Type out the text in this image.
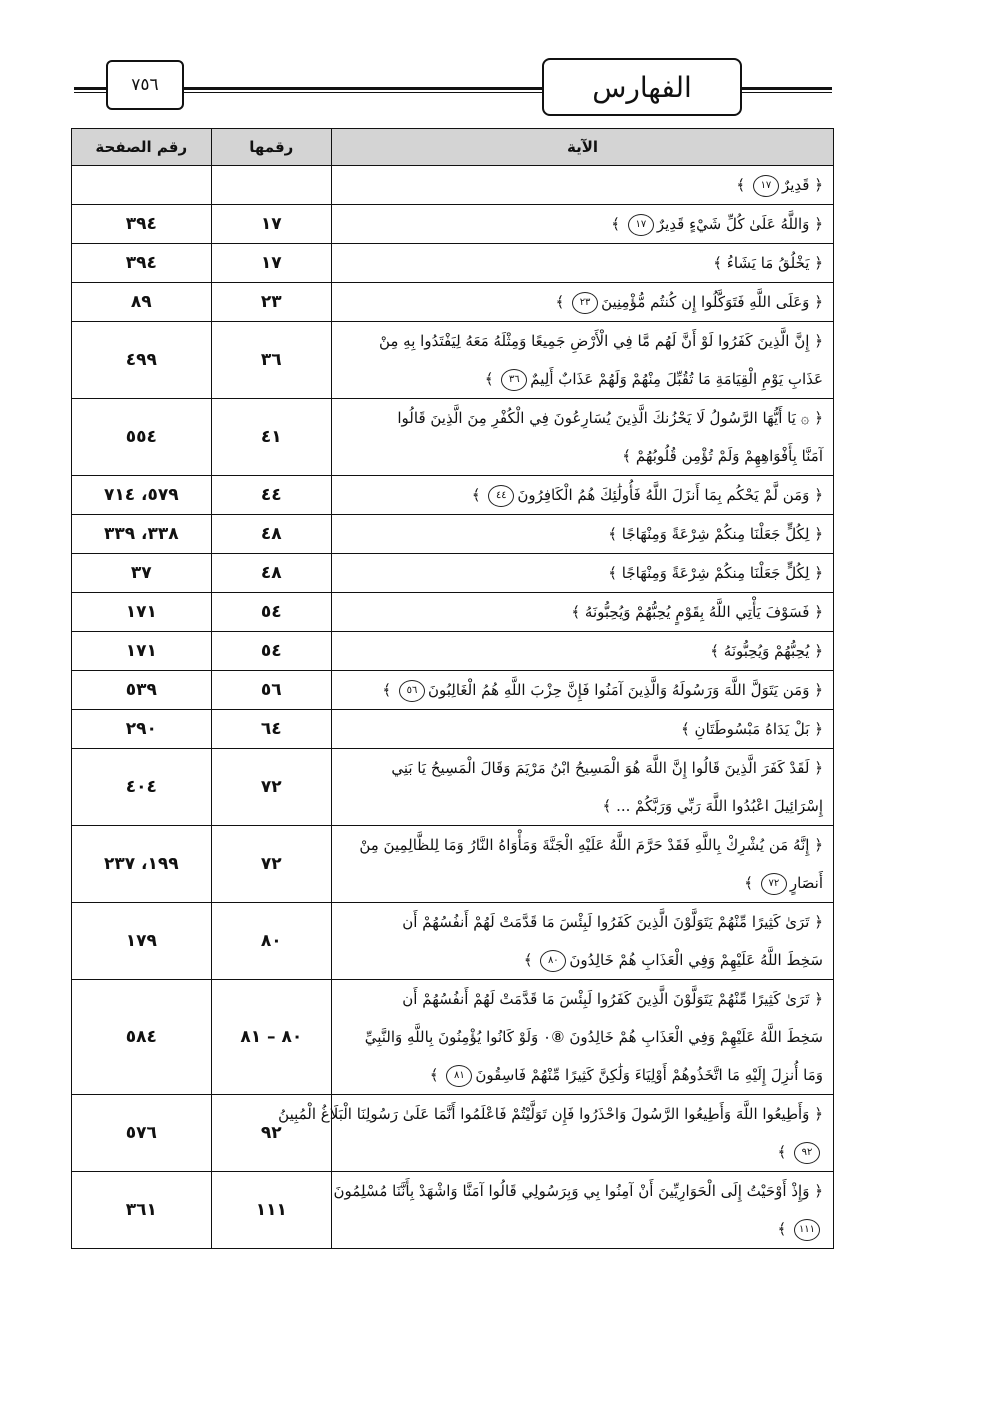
٧٥٦	الفهارس
الآية	رقمها	رقم الصفحة

﴿ قَدِيرٌ١٧ ﴾		

﴿ وَاللَّهُ عَلَىٰ كُلِّ شَيْءٍ قَدِيرٌ١٧ ﴾	١٧	٣٩٤

﴿ يَخْلُقُ مَا يَشَاءُ ﴾	١٧	٣٩٤

﴿ وَعَلَى اللَّهِ فَتَوَكَّلُوا إِن كُنتُم مُّؤْمِنِينَ٢٣ ﴾	٢٣	٨٩

﴿ إِنَّ الَّذِينَ كَفَرُوا لَوْ أَنَّ لَهُم مَّا فِي الْأَرْضِ جَمِيعًا وَمِثْلَهُ مَعَهُ لِيَفْتَدُوا بِهِ مِنْ
عَذَابِ يَوْمِ الْقِيَامَةِ مَا تُقُبِّلَ مِنْهُمْ وَلَهُمْ عَذَابٌ أَلِيمٌ٣٦ ﴾	٣٦	٤٩٩

﴿ ۞ يَا أَيُّهَا الرَّسُولُ لَا يَحْزُنكَ الَّذِينَ يُسَارِعُونَ فِي الْكُفْرِ مِنَ الَّذِينَ قَالُوا
آمَنَّا بِأَفْوَاهِهِمْ وَلَمْ تُؤْمِن قُلُوبُهُمْ ﴾	٤١	٥٥٤

﴿ وَمَن لَّمْ يَحْكُم بِمَا أَنزَلَ اللَّهُ فَأُولَٰئِكَ هُمُ الْكَافِرُونَ٤٤ ﴾	٤٤	٥٧٩، ٧١٤

﴿ لِكُلٍّ جَعَلْنَا مِنكُمْ شِرْعَةً وَمِنْهَاجًا ﴾	٤٨	٣٣٨، ٣٣٩

﴿ لِكُلٍّ جَعَلْنَا مِنكُمْ شِرْعَةً وَمِنْهَاجًا ﴾	٤٨	٣٧

﴿ فَسَوْفَ يَأْتِي اللَّهُ بِقَوْمٍ يُحِبُّهُمْ وَيُحِبُّونَهُ ﴾	٥٤	١٧١

﴿ يُحِبُّهُمْ وَيُحِبُّونَهُ ﴾	٥٤	١٧١

﴿ وَمَن يَتَوَلَّ اللَّهَ وَرَسُولَهُ وَالَّذِينَ آمَنُوا فَإِنَّ حِزْبَ اللَّهِ هُمُ الْغَالِبُونَ٥٦ ﴾	٥٦	٥٣٩

﴿ بَلْ يَدَاهُ مَبْسُوطَتَانِ ﴾	٦٤	٢٩٠

﴿ لَقَدْ كَفَرَ الَّذِينَ قَالُوا إِنَّ اللَّهَ هُوَ الْمَسِيحُ ابْنُ مَرْيَمَ وَقَالَ الْمَسِيحُ يَا بَنِي
إِسْرَائِيلَ اعْبُدُوا اللَّهَ رَبِّي وَرَبَّكُمْ ... ﴾	٧٢	٤٠٤

﴿ إِنَّهُ مَن يُشْرِكْ بِاللَّهِ فَقَدْ حَرَّمَ اللَّهُ عَلَيْهِ الْجَنَّةَ وَمَأْوَاهُ النَّارُ وَمَا لِلظَّالِمِينَ مِنْ
أَنصَارٍ٧٢ ﴾	٧٢	١٩٩، ٢٣٧

﴿ تَرَىٰ كَثِيرًا مِّنْهُمْ يَتَوَلَّوْنَ الَّذِينَ كَفَرُوا لَبِئْسَ مَا قَدَّمَتْ لَهُمْ أَنفُسُهُمْ أَن
سَخِطَ اللَّهُ عَلَيْهِمْ وَفِي الْعَذَابِ هُمْ خَالِدُونَ٨٠ ﴾	٨٠	١٧٩

﴿ تَرَىٰ كَثِيرًا مِّنْهُمْ يَتَوَلَّوْنَ الَّذِينَ كَفَرُوا لَبِئْسَ مَا قَدَّمَتْ لَهُمْ أَنفُسُهُمْ أَن
سَخِطَ اللَّهُ عَلَيْهِمْ وَفِي الْعَذَابِ هُمْ خَالِدُونَ ⑧٠ وَلَوْ كَانُوا يُؤْمِنُونَ بِاللَّهِ وَالنَّبِيِّ
وَمَا أُنزِلَ إِلَيْهِ مَا اتَّخَذُوهُمْ أَوْلِيَاءَ وَلَٰكِنَّ كَثِيرًا مِّنْهُمْ فَاسِقُونَ٨١ ﴾	٨٠ – ٨١	٥٨٤

﴿ وَأَطِيعُوا اللَّهَ وَأَطِيعُوا الرَّسُولَ وَاحْذَرُوا فَإِن تَوَلَّيْتُمْ فَاعْلَمُوا أَنَّمَا عَلَىٰ رَسُولِنَا الْبَلَاغُ الْمُبِينُ
٩٢ ﴾	٩٢	٥٧٦

﴿ وَإِذْ أَوْحَيْتُ إِلَى الْحَوَارِيِّينَ أَنْ آمِنُوا بِي وَبِرَسُولِي قَالُوا آمَنَّا وَاشْهَدْ بِأَنَّنَا مُسْلِمُونَ
١١١ ﴾	١١١	٣٦١
